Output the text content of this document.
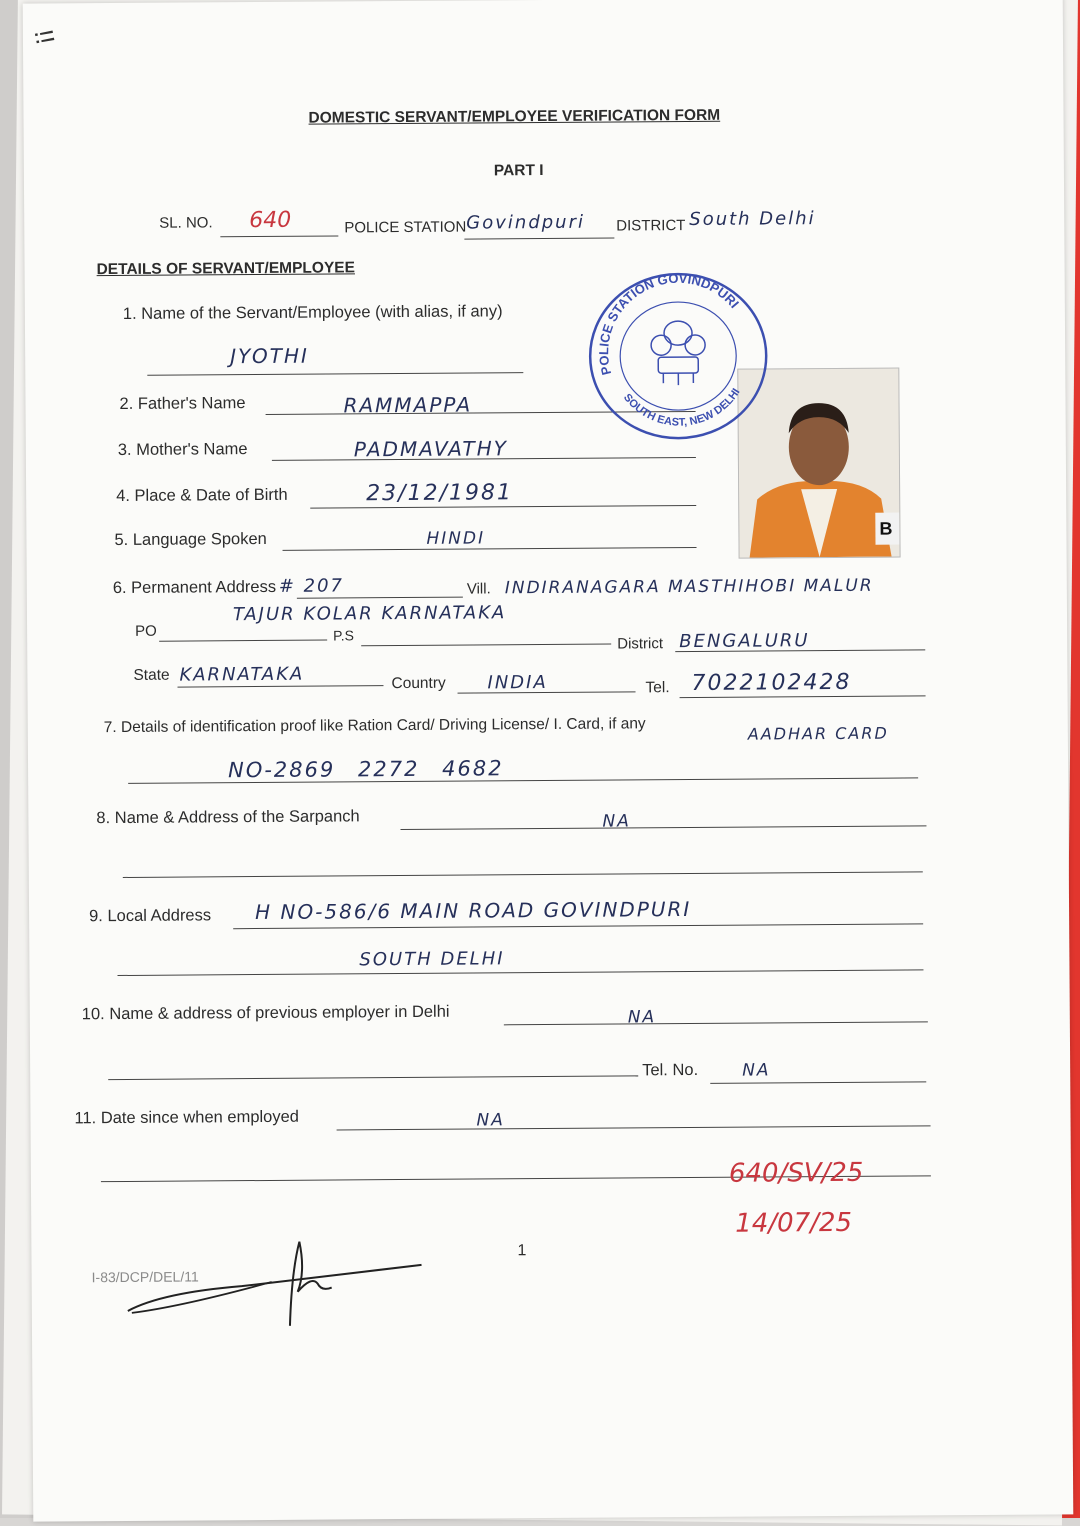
!!
DOMESTIC SERVANT/EMPLOYEE VERIFICATION FORM
PART I
SL. NO. 640	POLICE STATION Govindpuri DISTRICT South Delhi
DETAILS OF SERVANT/EMPLOYEE
1. Name of the Servant/Employee (with alias, if any)
JYOTHI
2. Father's Name	RAMMAPPA
3. Mother's Name	PADMAVATHY
4. Place & Date of Birth	23/12/1981
5. Language Spoken	HINDI	B
POLICE STATION GOVINDPURI
SOUTH EAST, NEW DELHI
6. Permanent Address # 207	Vill. INDIRANAGARA MASTHIHOBI MALUR
TAJUR KOLAR KARNATAKA
PO	P.S	District BENGALURU
State KARNATAKA	Country INDIA	Tel. 7022102428
7. Details of identification proof like Ration Card/ Driving License/ I. Card, if any	AADHAR CARD
NO-2869 2272 4682
8. Name & Address of the Sarpanch	NA
9. Local Address H NO-586/6 MAIN ROAD GOVINDPURI
SOUTH DELHI
10. Name & address of previous employer in Delhi	NA
Tel. No.	NA
11. Date since when employed	NA
640/SV/25
14/07/25
1
I-83/DCP/DEL/11
